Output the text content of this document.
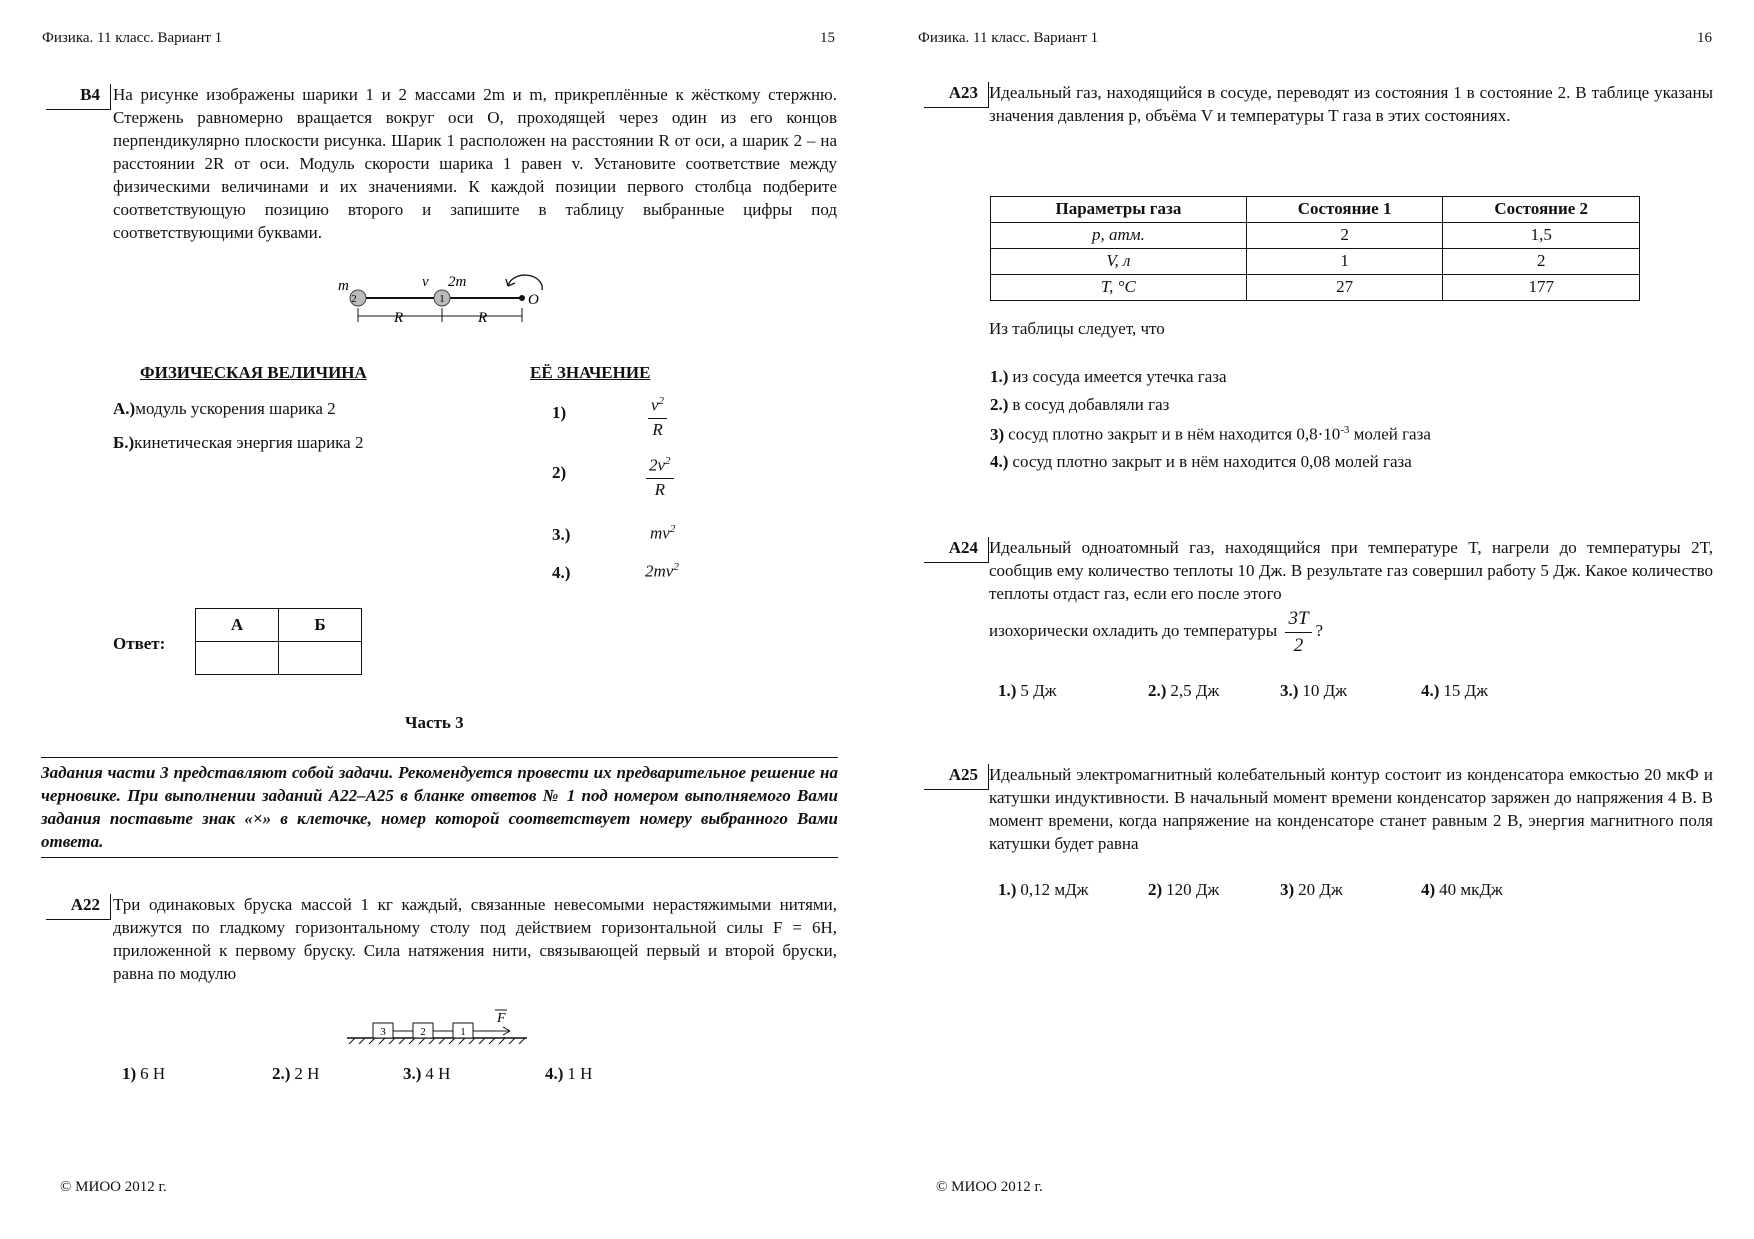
Физика. 11 класс. Вариант 1	15
B4 На рисунке изображены шарики 1 и 2 массами 2m и m, прикреплённые к жёсткому стержню. Стержень равномерно вращается вокруг оси O, проходящей через один из его концов перпендикулярно плоскости рисунка. Шарик 1 расположен на расстоянии R от оси, а шарик 2 – на расстоянии 2R от оси. Модуль скорости шарика 1 равен v. Установите соответствие между физическими величинами и их значениями. К каждой позиции первого столбца подберите соответствующую позицию второго и запишите в таблицу выбранные цифры под соответствующими буквами.
2	1
m	v 2m
O
R	R
ФИЗИЧЕСКАЯ ВЕЛИЧИНА	ЕЁ ЗНАЧЕНИЕ
А.)модуль ускорения шарика 2
Б.)кинетическая энергия шарика 2
1)	$\frac{v^2}{R}$
2)	$\frac{2v^2}{R}$
3.)	$mv^2$
4.)	$2mv^2$
Ответ:
А	Б

Часть 3
Задания части 3 представляют собой задачи. Рекомендуется провести их предварительное решение на черновике. При выполнении заданий А22–А25 в бланке ответов № 1 под номером выполняемого Вами задания поставьте знак «×» в клеточке, номер которой соответствует номеру выбранного Вами ответа.
A22 Три одинаковых бруска массой 1 кг каждый, связанные невесомыми нерастяжимыми нитями, движутся по гладкому горизонтальному столу под действием горизонтальной силы F = 6Н, приложенной к первому бруску. Сила натяжения нити, связывающей первый и второй бруски, равна по модулю
3	2	1
F
1) 6 Н	2.) 2 Н	3.) 4 Н	4.) 1 Н
© МИОО 2012 г.
Физика. 11 класс. Вариант 1	16
A23 Идеальный газ, находящийся в сосуде, переводят из состояния 1 в состояние 2. В таблице указаны значения давления p, объёма V и температуры T газа в этих состояниях.
Параметры газа	Состояние 1	Состояние 2
p, атм.	2	1,5
V, л	1	2
T, °С	27	177
Из таблицы следует, что
1.) из сосуда имеется утечка газа
2.) в сосуд добавляли газ
3) сосуд плотно закрыт и в нём находится $0,8\cdot 10^{-3}$ молей газа
4.) сосуд плотно закрыт и в нём находится 0,08 молей газа
A24 Идеальный одноатомный газ, находящийся при температуре T, нагрели до температуры 2T, сообщив ему количество теплоты 10 Дж. В результате газ совершил работу 5 Дж. Какое количество теплоты отдаст газ, если его после этого
изохорически охладить до температуры $\frac{3T}{2}$ ?
1.) 5 Дж	2.) 2,5 Дж	3.) 10 Дж	4.) 15 Дж
A25 Идеальный электромагнитный колебательный контур состоит из конденсатора емкостью 20 мкФ и катушки индуктивности. В начальный момент времени конденсатор заряжен до напряжения 4 В. В момент времени, когда напряжение на конденсаторе станет равным 2 В, энергия магнитного поля катушки будет равна
1.) 0,12 мДж	2) 120 Дж	3) 20 Дж	4) 40 мкДж
© МИОО 2012 г.
